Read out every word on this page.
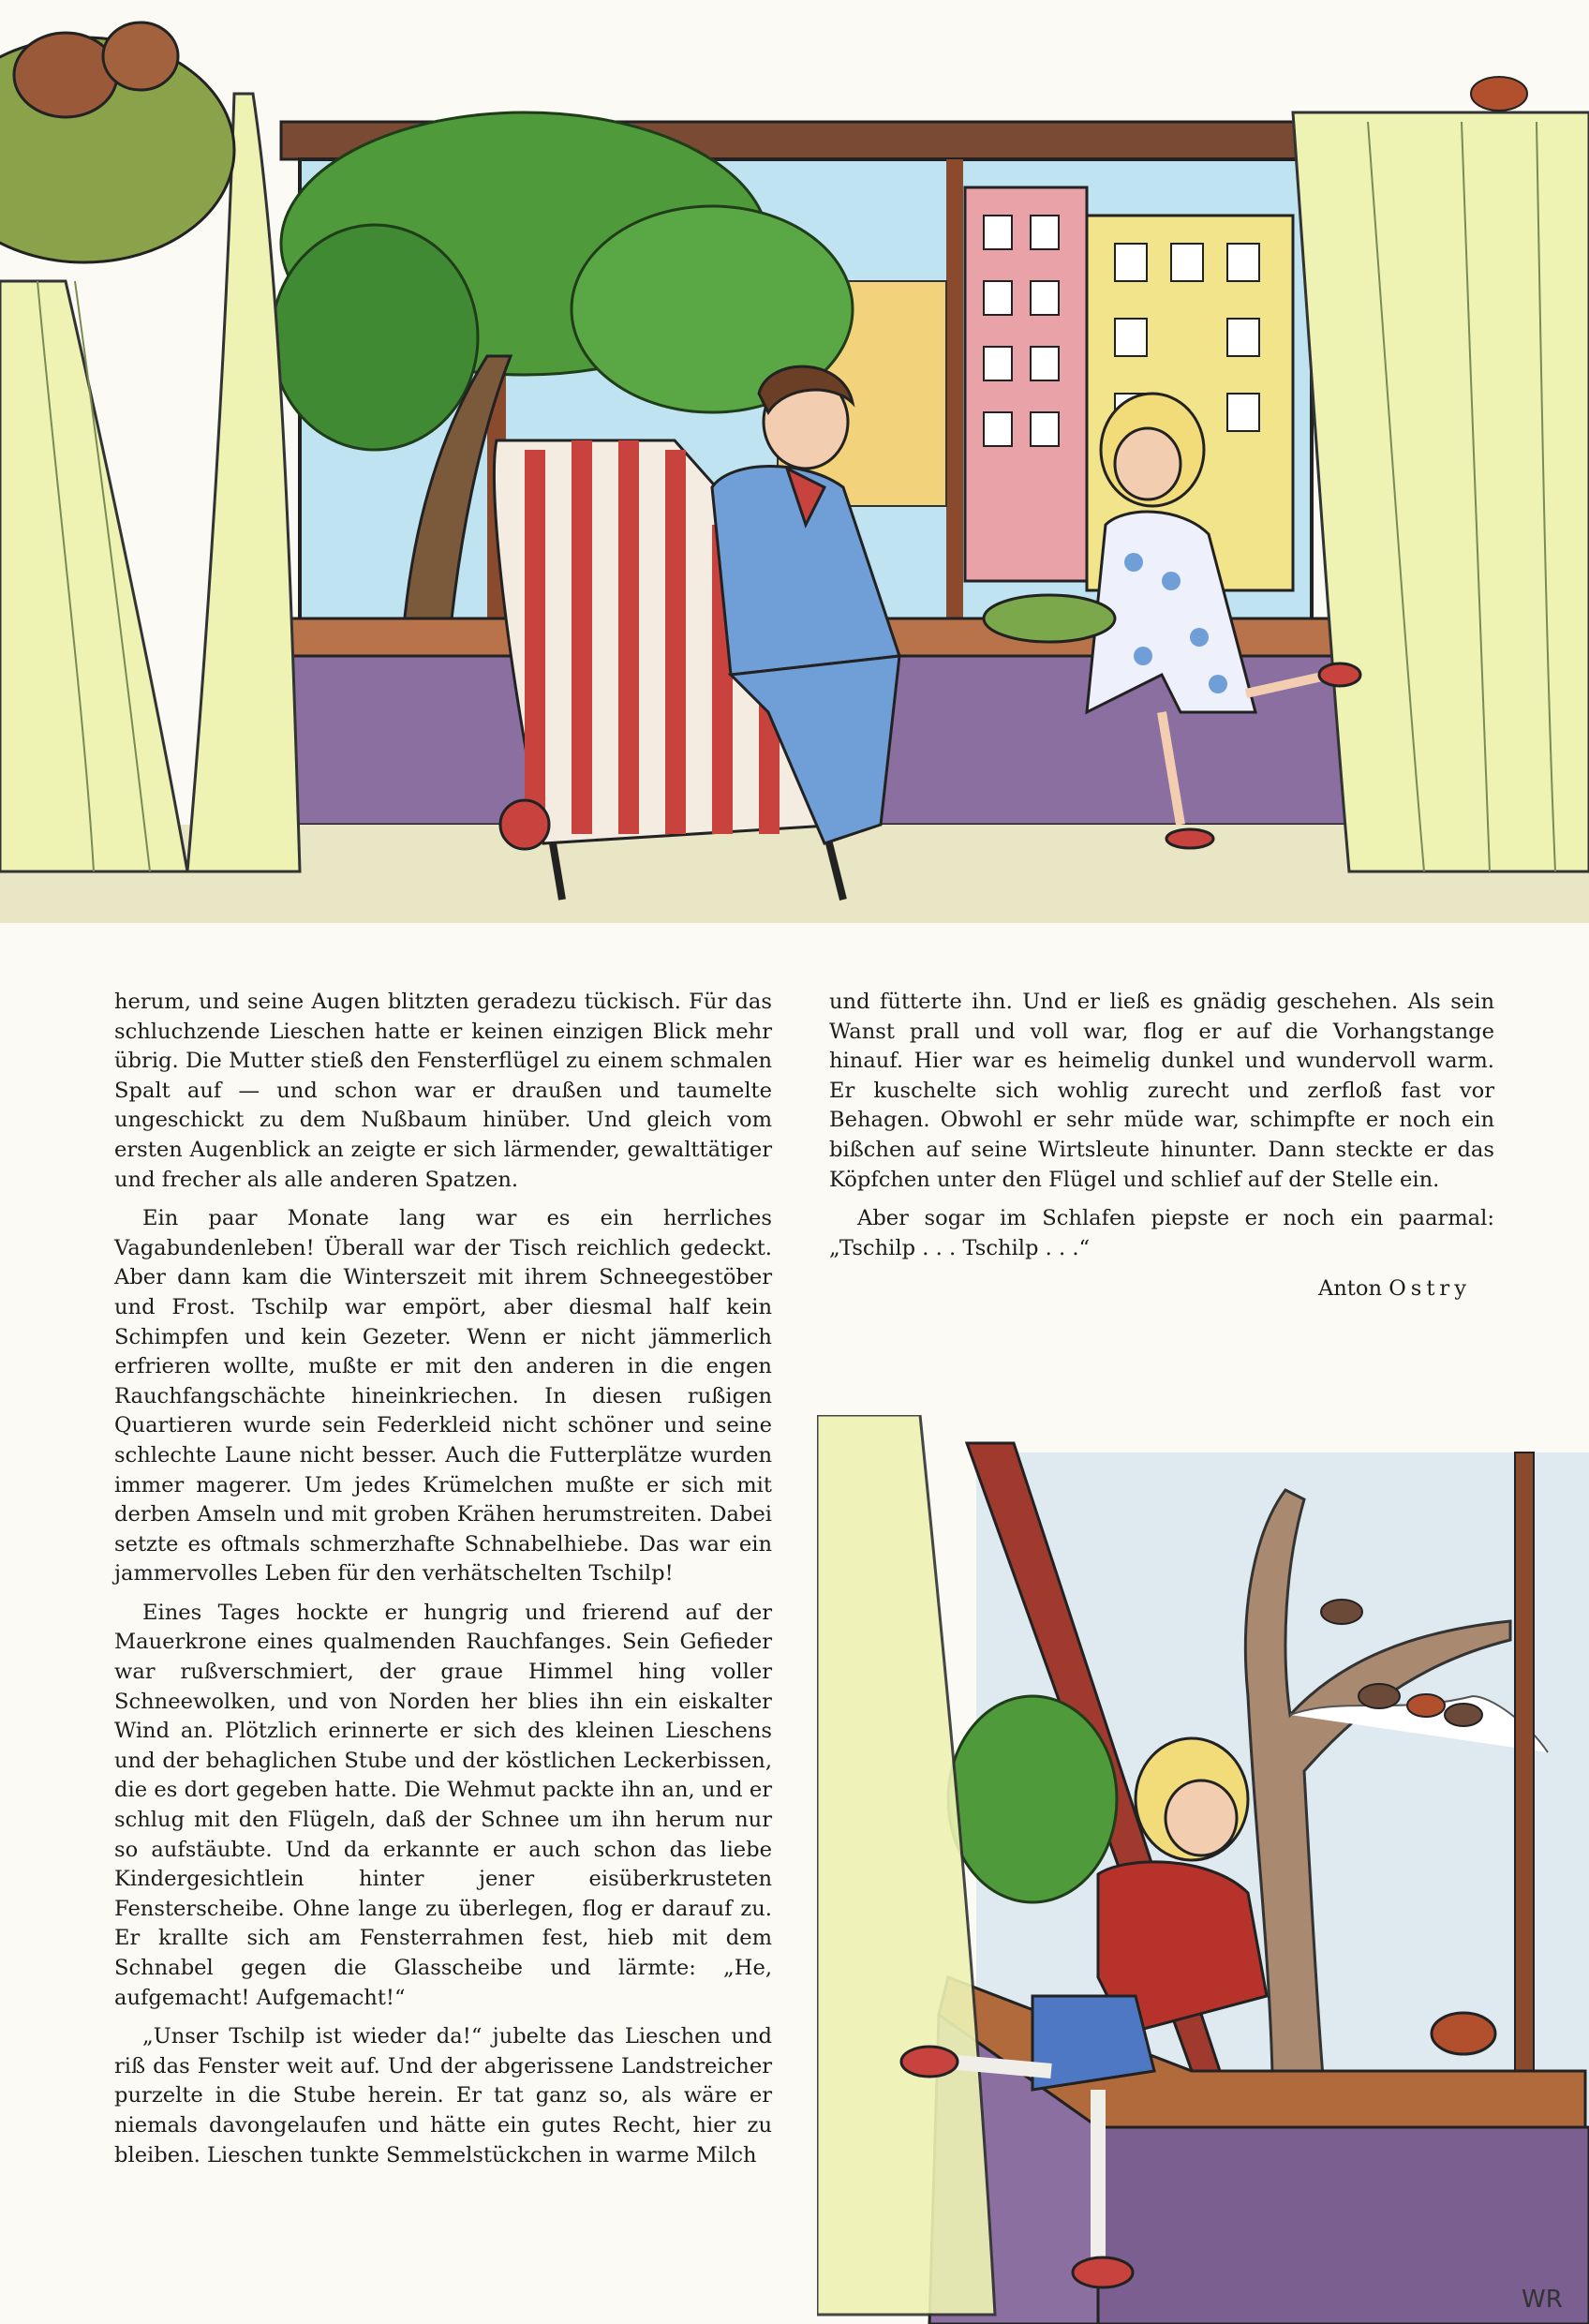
herum, und seine Augen blitzten geradezu tückisch. Für das schluchzende Lieschen hatte er keinen einzigen Blick mehr übrig. Die Mutter stieß den Fensterflügel zu einem schmalen Spalt auf — und schon war er draußen und taumelte ungeschickt zu dem Nußbaum hinüber. Und gleich vom ersten Augenblick an zeigte er sich lärmender, gewalttätiger und frecher als alle anderen Spatzen.

Ein paar Monate lang war es ein herrliches Vagabundenleben! Überall war der Tisch reichlich gedeckt. Aber dann kam die Winterszeit mit ihrem Schneegestöber und Frost. Tschilp war empört, aber diesmal half kein Schimpfen und kein Gezeter. Wenn er nicht jämmerlich erfrieren wollte, mußte er mit den anderen in die engen Rauchfangschächte hineinkriechen. In diesen rußigen Quartieren wurde sein Federkleid nicht schöner und seine schlechte Laune nicht besser. Auch die Futterplätze wurden immer magerer. Um jedes Krümelchen mußte er sich mit derben Amseln und mit groben Krähen herumstreiten. Dabei setzte es oftmals schmerzhafte Schnabelhiebe. Das war ein jammervolles Leben für den verhätschelten Tschilp!

Eines Tages hockte er hungrig und frierend auf der Mauerkrone eines qualmenden Rauchfanges. Sein Gefieder war rußverschmiert, der graue Himmel hing voller Schneewolken, und von Norden her blies ihn ein eiskalter Wind an. Plötzlich erinnerte er sich des kleinen Lieschens und der behaglichen Stube und der köstlichen Leckerbissen, die es dort gegeben hatte. Die Wehmut packte ihn an, und er schlug mit den Flügeln, daß der Schnee um ihn herum nur so aufstäubte. Und da erkannte er auch schon das liebe Kindergesichtlein hinter jener eisüberkrusteten Fensterscheibe. Ohne lange zu überlegen, flog er darauf zu. Er krallte sich am Fensterrahmen fest, hieb mit dem Schnabel gegen die Glasscheibe und lärmte: „He, aufgemacht! Aufgemacht!“

„Unser Tschilp ist wieder da!“ jubelte das Lieschen und riß das Fenster weit auf. Und der abgerissene Landstreicher purzelte in die Stube herein. Er tat ganz so, als wäre er niemals davongelaufen und hätte ein gutes Recht, hier zu bleiben. Lieschen tunkte Semmelstückchen in warme Milch

und fütterte ihn. Und er ließ es gnädig geschehen. Als sein Wanst prall und voll war, flog er auf die Vorhangstange hinauf. Hier war es heimelig dunkel und wundervoll warm. Er kuschelte sich wohlig zurecht und zerfloß fast vor Behagen. Obwohl er sehr müde war, schimpfte er noch ein bißchen auf seine Wirtsleute hinunter. Dann steckte er das Köpfchen unter den Flügel und schlief auf der Stelle ein.

Aber sogar im Schlafen piepste er noch ein paarmal: „Tschilp . . . Tschilp . . .“

Anton Ostry
WR
